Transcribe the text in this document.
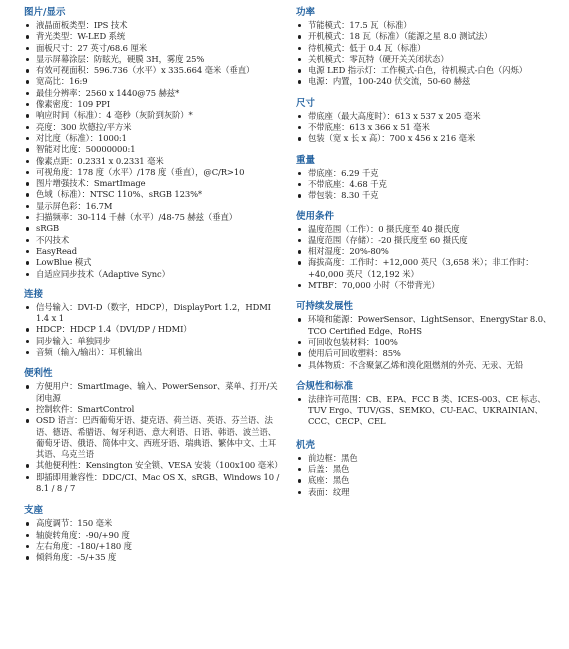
图片/显示
液晶面板类型：IPS 技术
背光类型：W-LED 系统
面板尺寸：27 英寸/68.6 厘米
显示屏幕涂层：防眩光，硬膜 3H，雾度 25%
有效可视面积：596.736（水平）x 335.664 毫米（垂直）
宽高比：16:9
最佳分辨率：2560 x 1440@75 赫兹*
像素密度：109 PPI
响应时间（标准）：4 毫秒（灰阶到灰阶）*
亮度：300 坎德拉/平方米
对比度（标准）：1000:1
智能对比度：50000000:1
像素点距：0.2331 x 0.2331 毫米
可视角度：178 度（水平）/178 度（垂直），@C/R>10
图片增强技术：SmartImage
色域（标准）：NTSC 110%、sRGB 123%*
显示屏色彩：16.7M
扫描频率：30-114 千赫（水平）/48-75 赫兹（垂直）
sRGB
不闪技术
EasyRead
LowBlue 模式
自适应同步技术（Adaptive Sync）
连接
信号输入：DVI-D（数字，HDCP），DisplayPort 1.2，HDMI 1.4 x 1
HDCP：HDCP 1.4（DVI/DP / HDMI）
同步输入：单独同步
音频（输入/输出）：耳机输出
便利性
方便用户：SmartImage、输入、PowerSensor、菜单、打开/关闭电源
控制软件：SmartControl
OSD 语言：巴西葡萄牙语、捷克语、荷兰语、英语、芬兰语、法语、德语、希腊语、匈牙利语、意大利语、日语、韩语、波兰语、葡萄牙语、俄语、简体中文、西班牙语、瑞典语、繁体中文、土耳其语、乌克兰语
其他便利性：Kensington 安全锁、VESA 安装（100x100 毫米）
即插即用兼容性：DDC/CI、Mac OS X、sRGB、Windows 10 / 8.1 / 8 / 7
支座
高度调节：150 毫米
轴旋转角度：-90/+90 度
左右角度：-180/+180 度
倾斜角度：-5/+35 度
功率
节能模式：17.5 瓦（标准）
开机模式：18 瓦（标准）（能源之星 8.0 测试法）
待机模式：低于 0.4 瓦（标准）
关机模式：零瓦特（硬开关关闭状态）
电源 LED 指示灯：工作模式-白色，待机模式-白色（闪烁）
电源：内置，100-240 伏交流，50-60 赫兹
尺寸
带底座（最大高度时）：613 x 537 x 205 毫米
不带底座：613 x 366 x 51 毫米
包装（宽 x 长 x 高）：700 x 456 x 216 毫米
重量
带底座：6.29 千克
不带底座：4.68 千克
带包装：8.30 千克
使用条件
温度范围（工作）：0 摄氏度至 40 摄氏度
温度范围（存储）：-20 摄氏度至 60 摄氏度
相对湿度：20%-80%
海拔高度：工作时：+12,000 英尺（3,658 米）；非工作时：+40,000 英尺（12,192 米）
MTBF：70,000 小时（不带背光）
可持续发展性
环境和能源：PowerSensor、LightSensor、EnergyStar 8.0、TCO Certified Edge、RoHS
可回收包装材料：100%
使用后可回收塑料：85%
具体物质：不含聚氯乙烯和溴化阻燃剂的外壳、无汞、无铅
合规性和标准
法律许可范围：CB、EPA、FCC B 类、ICES-003、CE 标志、TUV Ergo、TUV/GS、SEMKO、CU-EAC、UKRAINIAN、CCC、CECP、CEL
机壳
前边框：黑色
后盖：黑色
底座：黑色
表面：纹理
